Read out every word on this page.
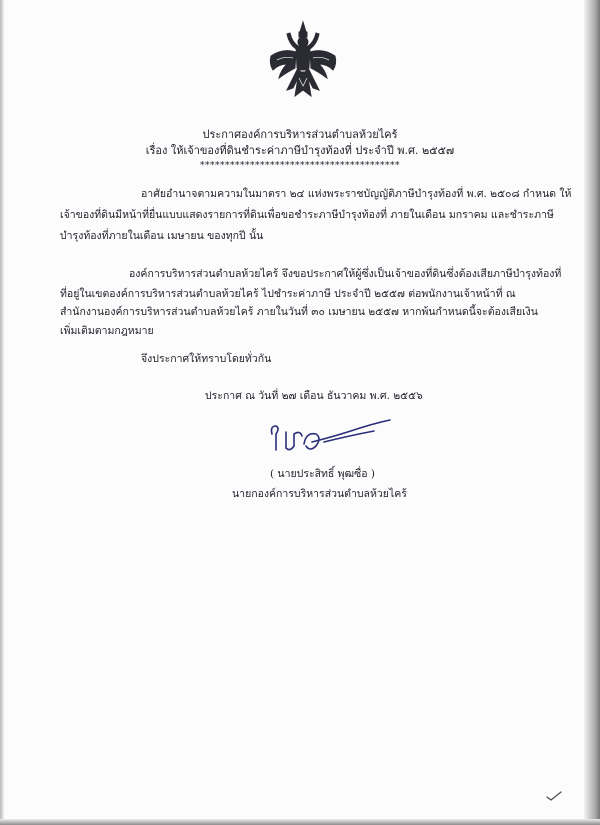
ประกาศองค์การบริหารส่วนตำบลห้วยไคร้
เรื่อง ให้เจ้าของที่ดินชำระค่าภาษีบำรุงท้องที่ ประจำปี พ.ศ. ๒๕๕๗
****************************************
อาศัยอำนาจตามความในมาตรา ๒๔ แห่งพระราชบัญญัติภาษีบำรุงท้องที่ พ.ศ. ๒๕๐๘ กำหนด ให้
เจ้าของที่ดินมีหน้าที่ยื่นแบบแสดงรายการที่ดินเพื่อขอชำระภาษีบำรุงท้องที่ ภายในเดือน มกราคม และชำระภาษี
บำรุงท้องที่ภายในเดือน เมษายน ของทุกปี นั้น
องค์การบริหารส่วนตำบลห้วยไคร้ จึงขอประกาศให้ผู้ซึ่งเป็นเจ้าของที่ดินซึ่งต้องเสียภาษีบำรุงท้องที่
ที่อยู่ในเขตองค์การบริหารส่วนตำบลห้วยไคร้ ไปชำระค่าภาษี ประจำปี ๒๕๕๗ ต่อพนักงานเจ้าหน้าที่ ณ
สำนักงานองค์การบริหารส่วนตำบลห้วยไคร้ ภายในวันที่ ๓๐ เมษายน ๒๕๕๗ หากพ้นกำหนดนี้จะต้องเสียเงิน
เพิ่มเติมตามกฎหมาย
จึงประกาศให้ทราบโดยทั่วกัน
ประกาศ ณ วันที่ ๒๗ เดือน ธันวาคม พ.ศ. ๒๕๕๖
( นายประสิทธิ์ พุฒซื่อ )
นายกองค์การบริหารส่วนตำบลห้วยไคร้
